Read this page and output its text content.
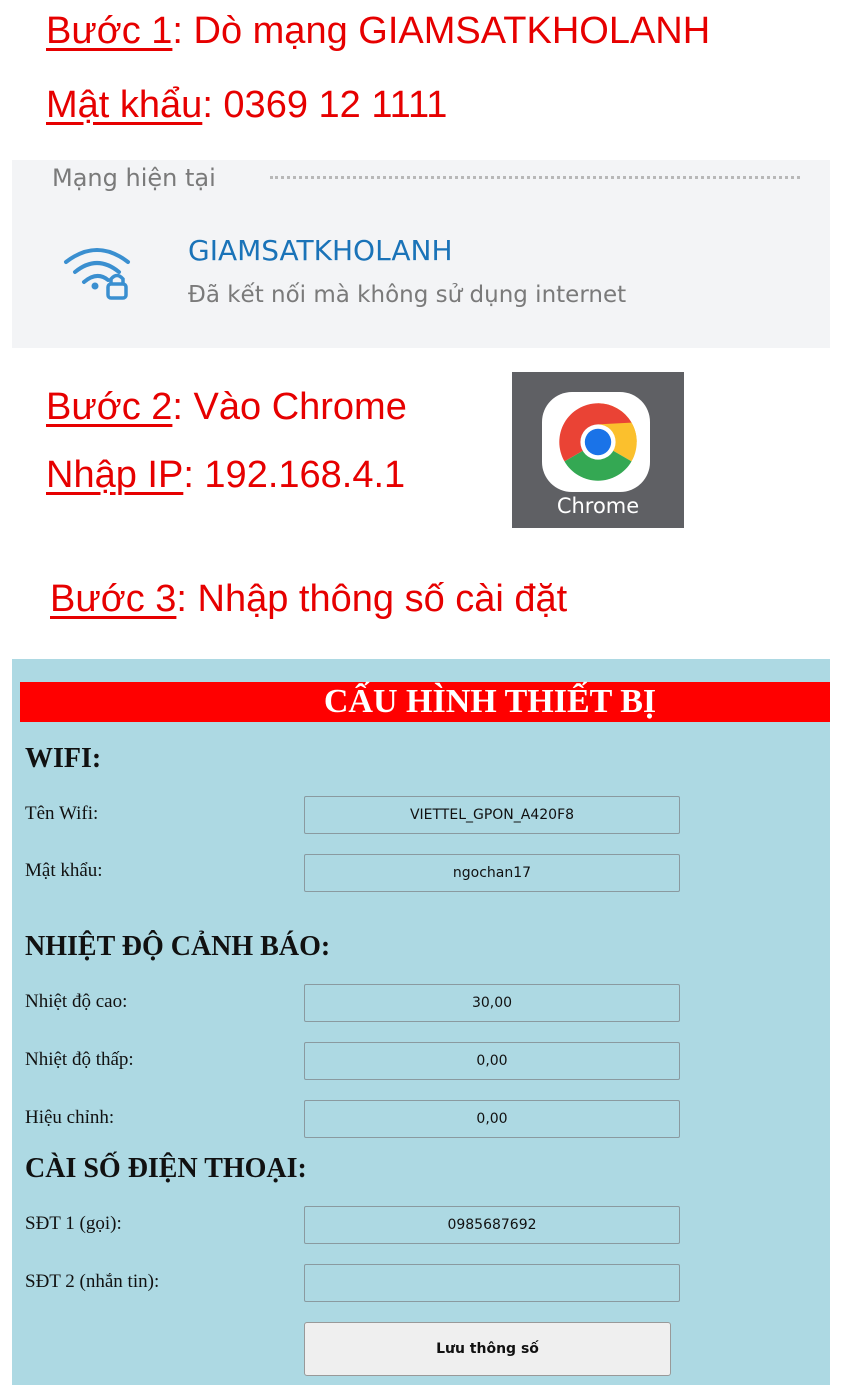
Bước 1: Dò mạng GIAMSATKHOLANH
Mật khẩu: 0369 12 1111
Mạng hiện tại
GIAMSATKHOLANH
Đã kết nối mà không sử dụng internet
Bước 2: Vào Chrome
Nhập IP: 192.168.4.1
Chrome
Bước 3: Nhập thông số cài đặt
CẤU HÌNH THIẾT BỊ
WIFI:
Tên Wifi:	VIETTEL_GPON_A420F8
Mật khẩu:	ngochan17
NHIỆT ĐỘ CẢNH BÁO:
Nhiệt độ cao:	30,00
Nhiệt độ thấp:	0,00
Hiệu chỉnh:	0,00
CÀI SỐ ĐIỆN THOẠI:
SĐT 1 (gọi):	0985687692
SĐT 2 (nhắn tin):
Lưu thông số
